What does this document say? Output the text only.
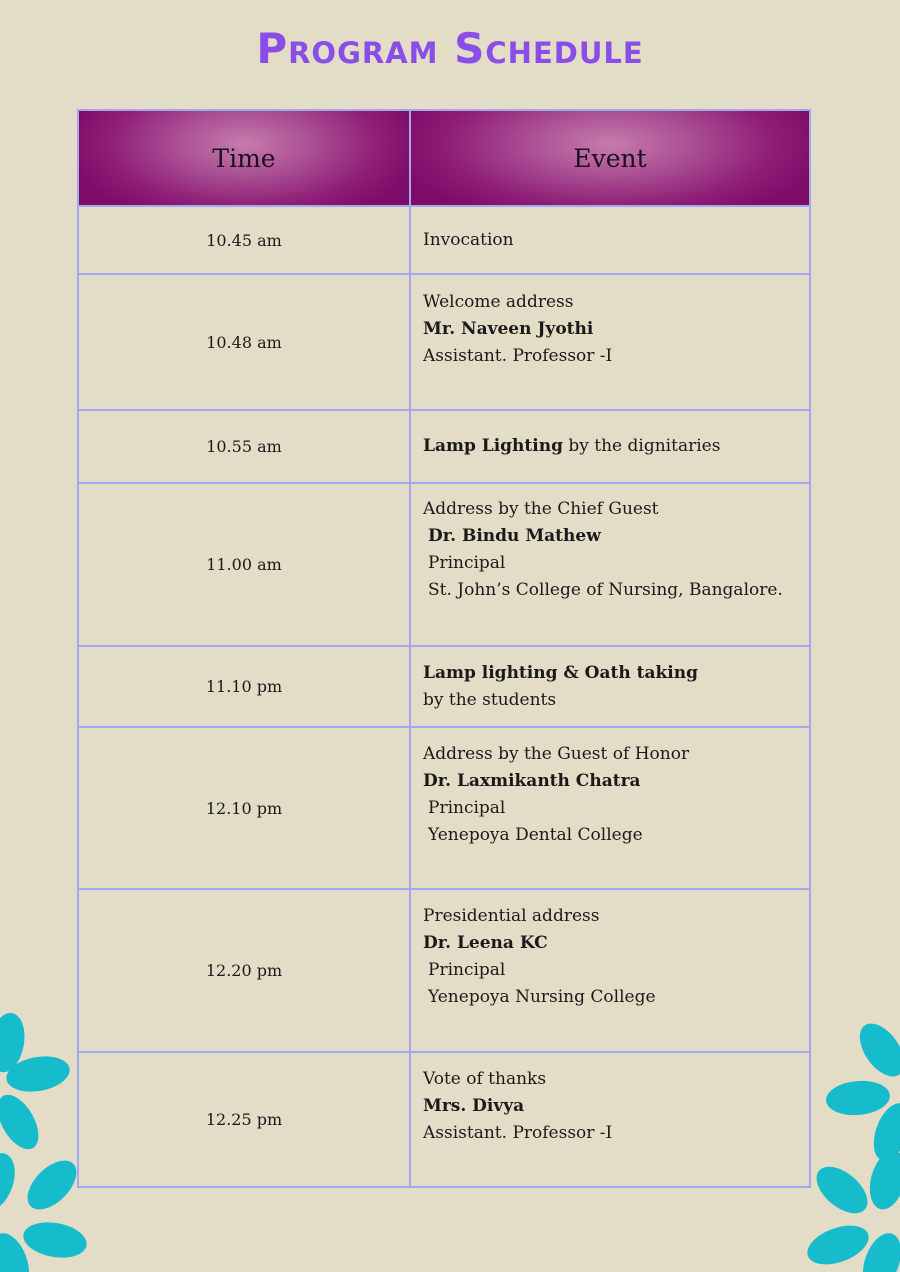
Program Schedule
Time	Event
10.45 am	Invocation

10.48 am	Welcome address
Mr. Naveen Jyothi
Assistant. Professor -I

10.55 am	Lamp Lighting by the dignitaries

11.00 am	Address by the Chief Guest
Dr. Bindu Mathew
Principal
St. John’s College of Nursing, Bangalore.

11.10 pm	Lamp lighting & Oath taking
by the students

12.10 pm	Address by the Guest of Honor
Dr. Laxmikanth Chatra
Principal
Yenepoya Dental College

12.20 pm	Presidential address
Dr. Leena KC
Principal
Yenepoya Nursing College

12.25 pm	Vote of thanks
Mrs. Divya
Assistant. Professor -I
